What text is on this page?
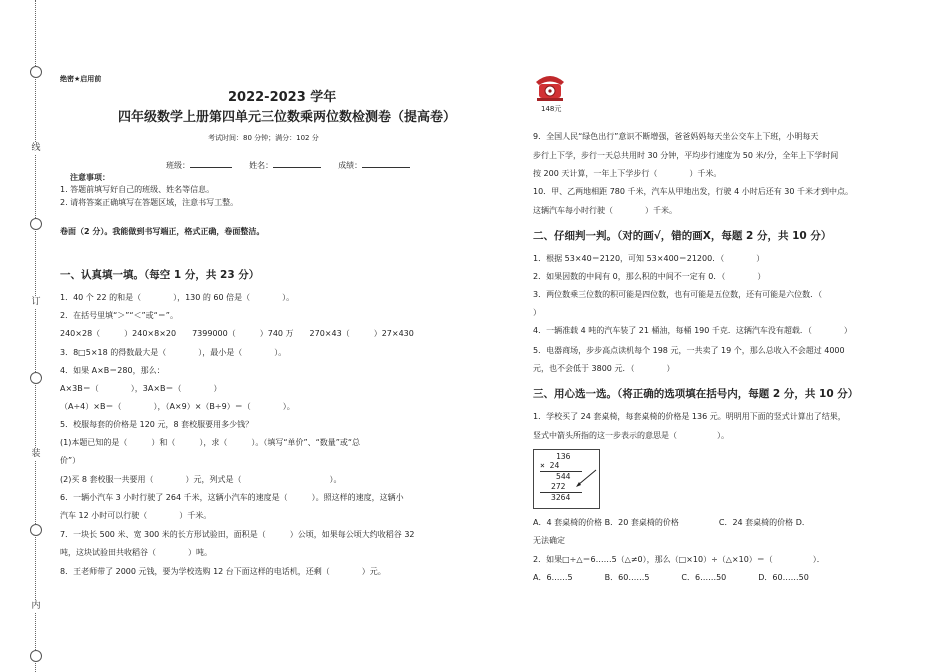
线
订
装
内
绝密★启用前
2022-2023 学年
四年级数学上册第四单元三位数乘两位数检测卷（提高卷）
考试时间：80 分钟；满分：102 分
班级：	姓名：	成绩：
注意事项：
1. 答题前填写好自己的班级、姓名等信息。
2. 请将答案正确填写在答题区域，注意书写工整。
卷面（2 分）。我能做到书写端正，格式正确，卷面整洁。
一、认真填一填。（每空 1 分，共 23 分）
1．40 个 22 的和是（　　　　），130 的 60 倍是（　　　　）。
2．在括号里填“＞”“＜”或“＝”。
240×28（　　　）240×8×20　　7399000（　　　）740 万　　270×43（　　　）27×430
3．8□5×18 的得数最大是（　　　　），最小是（　　　　）。
4．如果 A×B＝280，那么：
A×3B＝（　　　　），3A×B＝（　　　　）
（A÷4）×B＝（　　　　），（A×9）×（B÷9）＝（　　　　）。
5．校服每套的价格是 120 元，8 套校服要用多少钱？
(1)本题已知的是（　　　）和（　　　），求（　　　）。（填写“单价”、“数量”或“总
价”）
(2)买 8 套校服一共要用（　　　　）元，列式是（　　　　　　　　　　　）。
6．一辆小汽车 3 小时行驶了 264 千米，这辆小汽车的速度是（　　　）。照这样的速度，这辆小
汽车 12 小时可以行驶（　　　　）千米。
7．一块长 500 米、宽 300 米的长方形试验田，面积是（　　　）公顷，如果每公顷大约收稻谷 32
吨，这块试验田共收稻谷（　　　　）吨。
8．王老师带了 2000 元钱，要为学校选购 12 台下面这样的电话机，还剩（　　　　）元。
148元
9．全国人民“绿色出行”意识不断增强，爸爸妈妈每天坐公交车上下班，小明每天
步行上下学，步行一天总共用时 30 分钟，平均步行速度为 50 米/分，全年上下学时间
按 200 天计算，一年上下学步行（　　　　）千米。
10．甲、乙两地相距 780 千米，汽车从甲地出发，行驶 4 小时后还有 30 千米才到中点。
这辆汽车每小时行驶（　　　　）千米。
二、仔细判一判。（对的画√，错的画X，每题 2 分，共 10 分）
1．根据 53×40＝2120，可知 53×400＝21200．（　　　　）
2．如果因数的中间有 0，那么积的中间不一定有 0．（　　　　）
3．两位数乘三位数的积可能是四位数，也有可能是五位数，还有可能是六位数．（
）
4．一辆准载 4 吨的汽车装了 21 桶油，每桶 190 千克．这辆汽车没有超载．（　　　　）
5．电器商场，步步高点读机每个 198 元，一共卖了 19 个，那么总收入不会超过 4000
元，也不会低于 3800 元．（　　　　）
三、用心选一选。（将正确的选项填在括号内，每题 2 分，共 10 分）
1．学校买了 24 套桌椅，每套桌椅的价格是 136 元。明明用下面的竖式计算出了结果，
竖式中箭头所指的这一步表示的意思是（　　　　　）。
136
× 24
544
272
3264
A．4 套桌椅的价格 B．20 套桌椅的价格　　　　　C．24 套桌椅的价格 D．
无法确定
2．如果□÷△＝6……5（△≠0），那么（□×10）÷（△×10）＝（　　　　　）．
A．6……5　　　　B．60……5　　　　C．6……50　　　　D．60……50
